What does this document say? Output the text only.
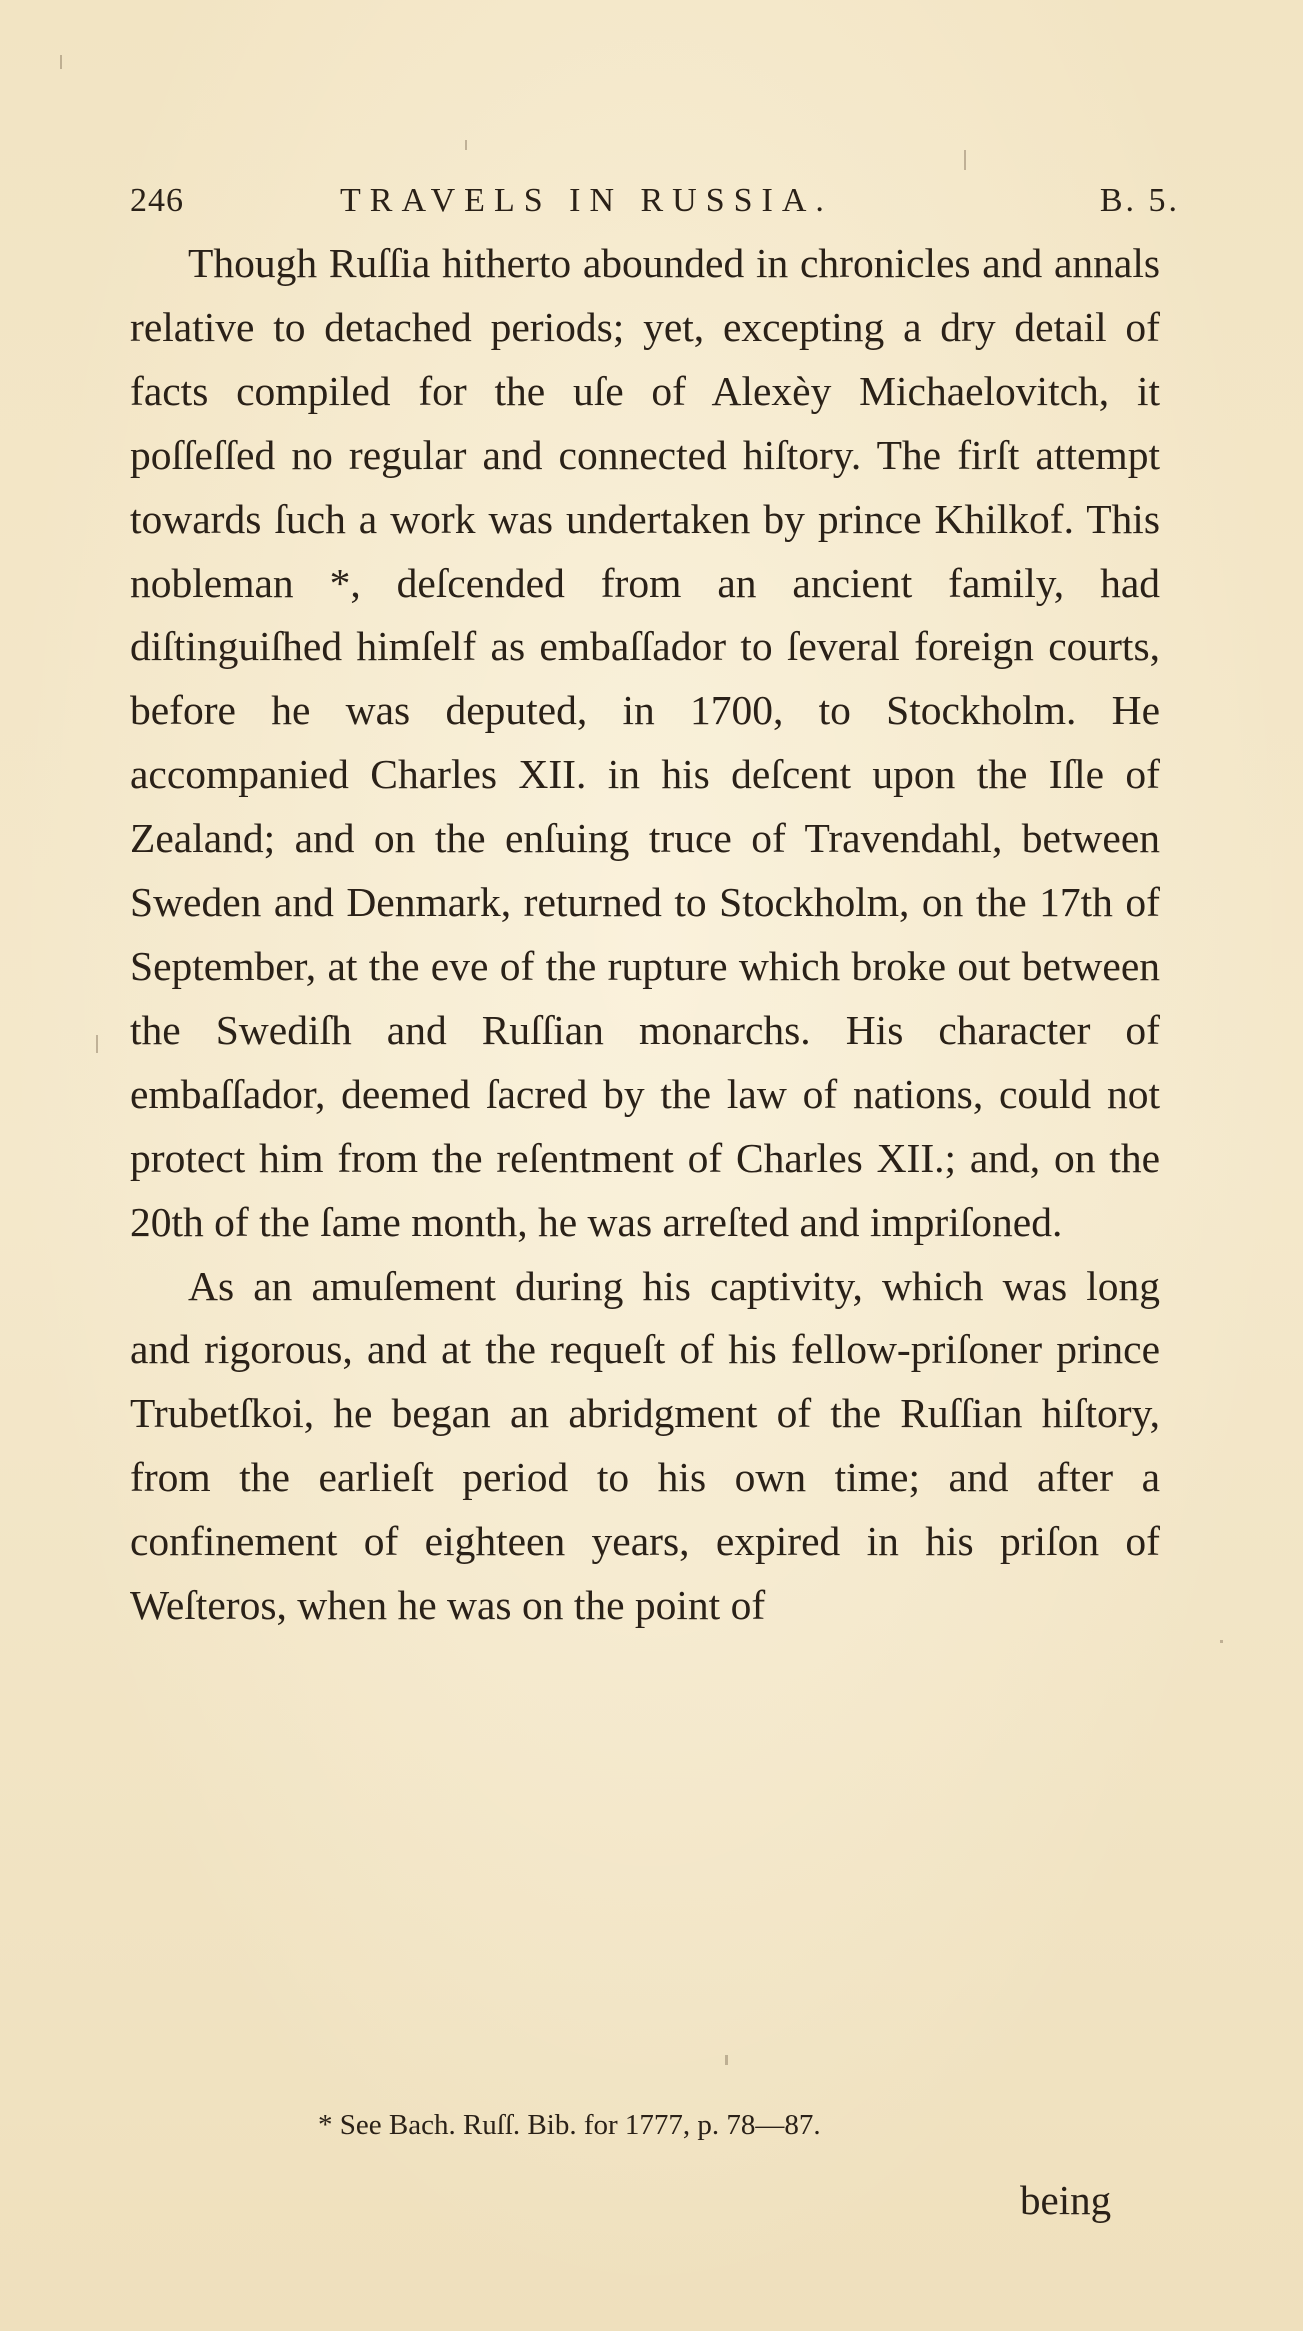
246	TRAVELS IN RUSSIA.	B. 5.

Though Ruſſia hitherto abounded in chronicles and annals relative to detached periods; yet, excepting a dry detail of facts compiled for the uſe of Alexèy Michaelovitch, it poſſeſſed no regular and connected hiſtory. The firſt attempt towards ſuch a work was undertaken by prince Khilkof. This nobleman *, deſcended from an ancient family, had diſtinguiſhed himſelf as embaſſador to ſeveral foreign courts, before he was deputed, in 1700, to Stockholm. He accompanied Charles XII. in his deſcent upon the Iſle of Zealand; and on the enſuing truce of Travendahl, between Sweden and Denmark, returned to Stockholm, on the 17th of September, at the eve of the rupture which broke out between the Swediſh and Ruſſian monarchs. His character of embaſſador, deemed ſacred by the law of nations, could not protect him from the reſentment of Charles XII.; and, on the 20th of the ſame month, he was arreſted and impriſoned.

As an amuſement during his captivity, which was long and rigorous, and at the requeſt of his fellow-priſoner prince Trubetſkoi, he began an abridgment of the Ruſſian hiſtory, from the earlieſt period to his own time; and after a confinement of eighteen years, expired in his priſon of Weſteros, when he was on the point of

* See Bach. Ruſſ. Bib. for 1777, p. 78—87.
being
